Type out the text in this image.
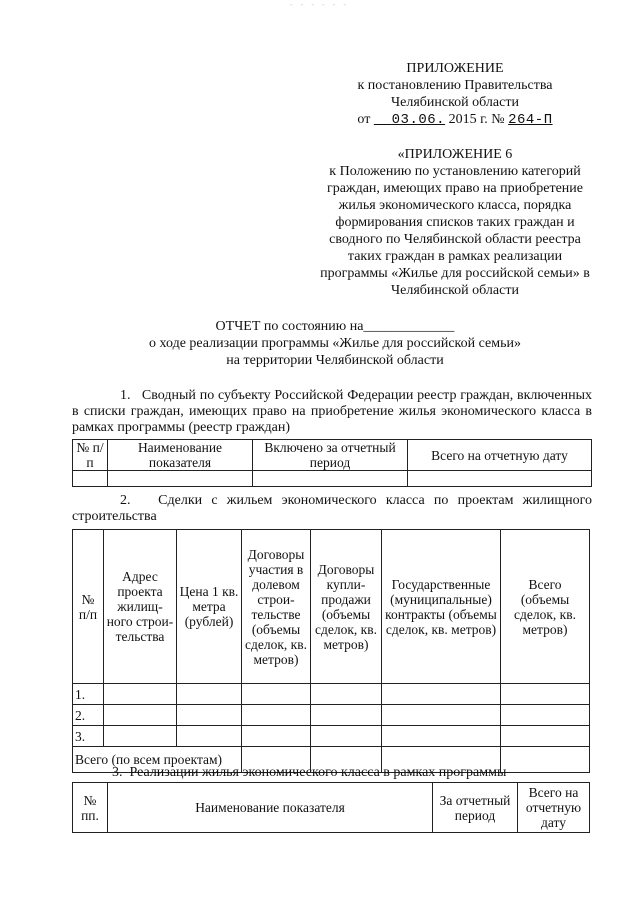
- - - - - -
ПРИЛОЖЕНИЕ
к постановлению Правительства
Челябинской области
от 03.06. 2015 г. № 264-П
«ПРИЛОЖЕНИЕ 6
к Положению по установлению категорий
граждан, имеющих право на приобретение
жилья экономического класса, порядка
формирования списков таких граждан и
сводного по Челябинской области реестра
таких граждан в рамках реализации
программы «Жилье для российской семьи» в
Челябинской области
ОТЧЕТ по состоянию на_____________
о ходе реализации программы «Жилье для российской семьи»
на территории Челябинской области
1.   Сводный по субъекту Российской Федерации реестр граждан, включенных в списки граждан, имеющих право на приобретение жилья экономического класса в рамках программы (реестр граждан)
№ п/п	Наименование показателя	Включено за отчетный период	Всего на отчетную дату

2.   Сделки с жильем экономического класса по проектам жилищного строительства
№ п/п	Адрес проекта жилищ-ного строи-тельства	Цена 1 кв. метра (рублей)	Договоры участия в долевом строи-тельстве (объемы сделок, кв. метров)	Договоры купли-продажи (объемы сделок, кв. метров)	Государственные (муниципальные) контракты (объемы сделок, кв. метров)	Всего (объемы сделок, кв. метров)
1.						
2.						
3.						
Всего (по всем проектам)						
3.  Реализации жилья экономического класса в рамках программы
№ пп.	Наименование показателя	За отчетный период	Всего на отчетную дату
